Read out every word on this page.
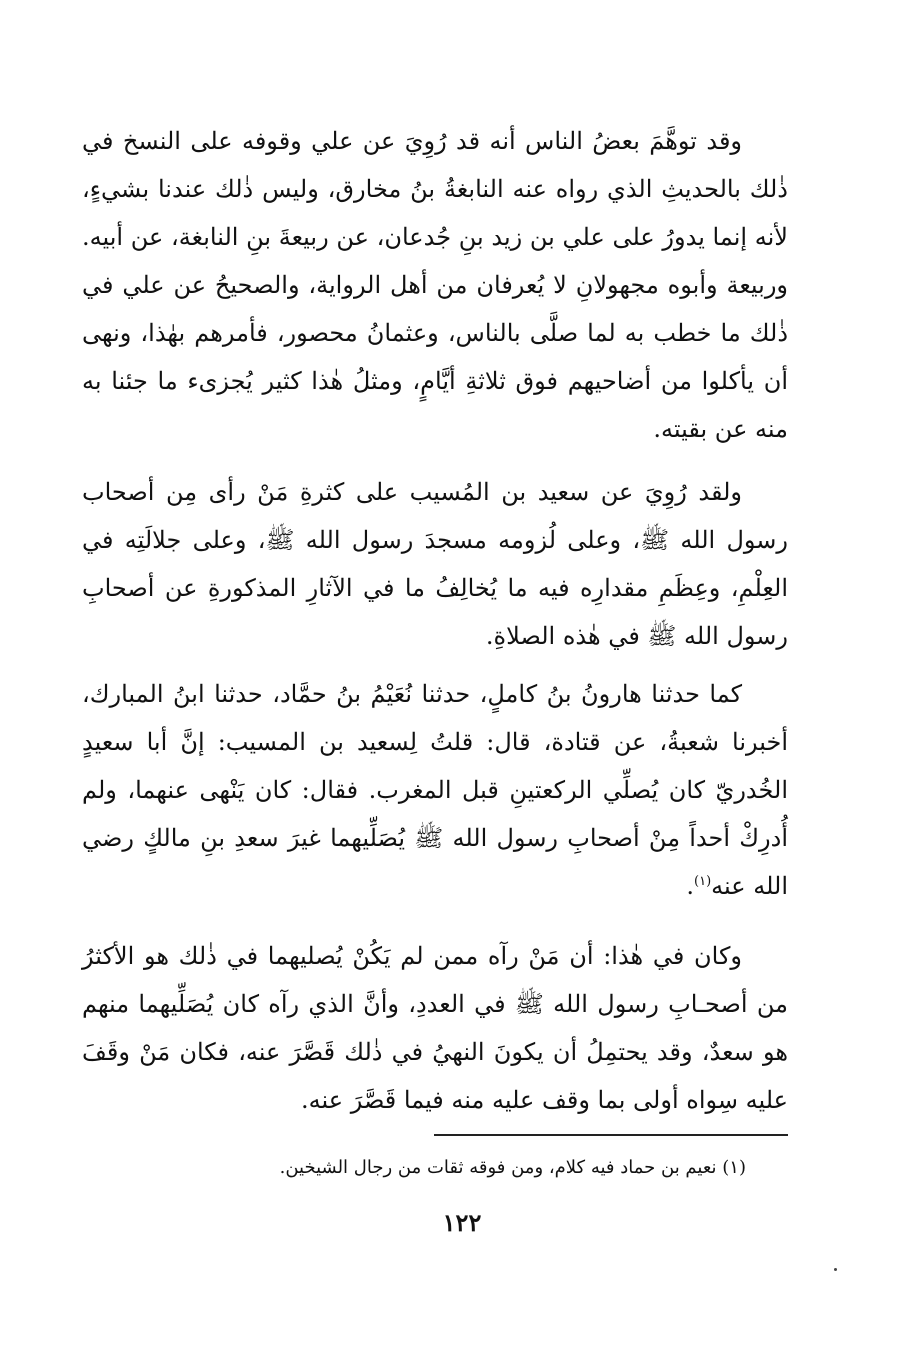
وقد توهَّمَ بعضُ الناس أنه قد رُوِيَ عن علي وقوفه على النسخ في ذٰلك بالحديثِ الذي رواه عنه النابغةُ بنُ مخارق، وليس ذٰلك عندنا بشيءٍ، لأنه إنما يدورُ على علي بن زيد بنِ جُدعان، عن ربيعةَ بنِ النابغة، عن أبيه. وربيعة وأبوه مجهولانِ لا يُعرفان من أهل الرواية، والصحيحُ عن علي في ذٰلك ما خطب به لما صلَّى بالناس، وعثمانُ محصور، فأمرهم بهٰذا، ونهى أن يأكلوا من أضاحيهم فوق ثلاثةِ أيَّامٍ، ومثلُ هٰذا كثير يُجزىء ما جئنا به منه عن بقيته.

ولقد رُوِيَ عن سعيد بن المُسيب على كثرةِ مَنْ رأى مِن أصحاب رسول الله ﷺ، وعلى لُزومه مسجدَ رسول الله ﷺ، وعلى جلالَتِه في العِلْمِ، وعِظَمِ مقدارِه فيه ما يُخالِفُ ما في الآثارِ المذكورةِ عن أصحابِ رسول الله ﷺ في هٰذه الصلاةِ.

كما حدثنا هارونُ بنُ كاملٍ، حدثنا نُعَيْمُ بنُ حمَّاد، حدثنا ابنُ المبارك، أخبرنا شعبةُ، عن قتادة، قال: قلتُ لِسعيد بن المسيب: إنَّ أبا سعيدٍ الخُدريّ كان يُصلِّي الركعتينِ قبل المغرب. فقال: كان يَنْهى عنهما، ولم أُدرِكْ أحداً مِنْ أصحابِ رسول الله ﷺ يُصَلِّيهما غيرَ سعدِ بنِ مالكٍ رضي الله عنه$^{(١)}$.

وكان في هٰذا: أن مَنْ رآه ممن لم يَكُنْ يُصليهما في ذٰلك هو الأكثرُ من أصحـابِ رسول الله ﷺ في العددِ، وأنَّ الذي رآه كان يُصَلِّيهما منهم هو سعدٌ، وقد يحتمِلُ أن يكونَ النهيُ في ذٰلك قَصَّرَ عنه، فكان مَنْ وقَفَ عليه سِواه أولى بما وقف عليه منه فيما قَصَّرَ عنه.

(١) نعيم بن حماد فيه كلام، ومن فوقه ثقات من رجال الشيخين.

١٢٢
